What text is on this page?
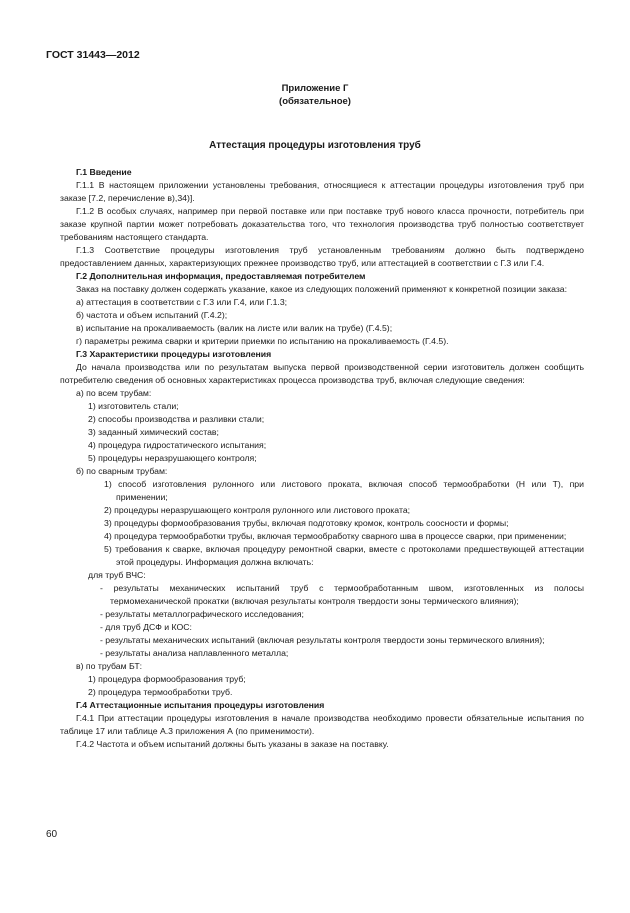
ГОСТ 31443—2012
Приложение Г
(обязательное)
Аттестация процедуры изготовления труб

Г.1 Введение

Г.1.1 В настоящем приложении установлены требования, относящиеся к аттестации процедуры изготовления труб при заказе [7.2, перечисление в),34)].

Г.1.2 В особых случаях, например при первой поставке или при поставке труб нового класса прочности, потребитель при заказе крупной партии может потребовать доказательства того, что технология производства труб полностью соответствует требованиям настоящего стандарта.

Г.1.3 Соответствие процедуры изготовления труб установленным требованиям должно быть подтверждено предоставлением данных, характеризующих прежнее производство труб, или аттестацией в соответствии с Г.3 или Г.4.

Г.2 Дополнительная информация, предоставляемая потребителем

Заказ на поставку должен содержать указание, какое из следующих положений применяют к конкретной позиции заказа:

а) аттестация в соответствии с Г.3 или Г.4, или Г.1.3;

б) частота и объем испытаний (Г.4.2);

в) испытание на прокаливаемость (валик на листе или валик на трубе) (Г.4.5);

г) параметры режима сварки и критерии приемки по испытанию на прокаливаемость (Г.4.5).

Г.3 Характеристики процедуры изготовления

До начала производства или по результатам выпуска первой производственной серии изготовитель должен сообщить потребителю сведения об основных характеристиках процесса производства труб, включая следующие сведения:

а) по всем трубам:

1) изготовитель стали;

2) способы производства и разливки стали;

3) заданный химический состав;

4) процедура гидростатического испытания;

5) процедуры неразрушающего контроля;

б) по сварным трубам:

1) способ изготовления рулонного или листового проката, включая способ термообработки (Н или Т), при применении;

2) процедуры неразрушающего контроля рулонного или листового проката;

3) процедуры формообразования трубы, включая подготовку кромок, контроль соосности и формы;

4) процедура термообработки трубы, включая термообработку сварного шва в процессе сварки, при применении;

5) требования к сварке, включая процедуру ремонтной сварки, вместе с протоколами предшествующей аттестации этой процедуры. Информация должна включать:

для труб ВЧС:

- результаты механических испытаний труб с термообработанным швом, изготовленных из полосы термомеханической прокатки (включая результаты контроля твердости зоны термического влияния);

- результаты металлографического исследования;

- для труб ДСФ и КОС:

- результаты механических испытаний (включая результаты контроля твердости зоны термического влияния);

- результаты анализа наплавленного металла;

в) по трубам БТ:

1) процедура формообразования труб;

2) процедура термообработки труб.

Г.4 Аттестационные испытания процедуры изготовления

Г.4.1 При аттестации процедуры изготовления в начале производства необходимо провести обязательные испытания по таблице 17 или таблице А.3 приложения А (по применимости).

Г.4.2 Частота и объем испытаний должны быть указаны в заказе на поставку.

60
